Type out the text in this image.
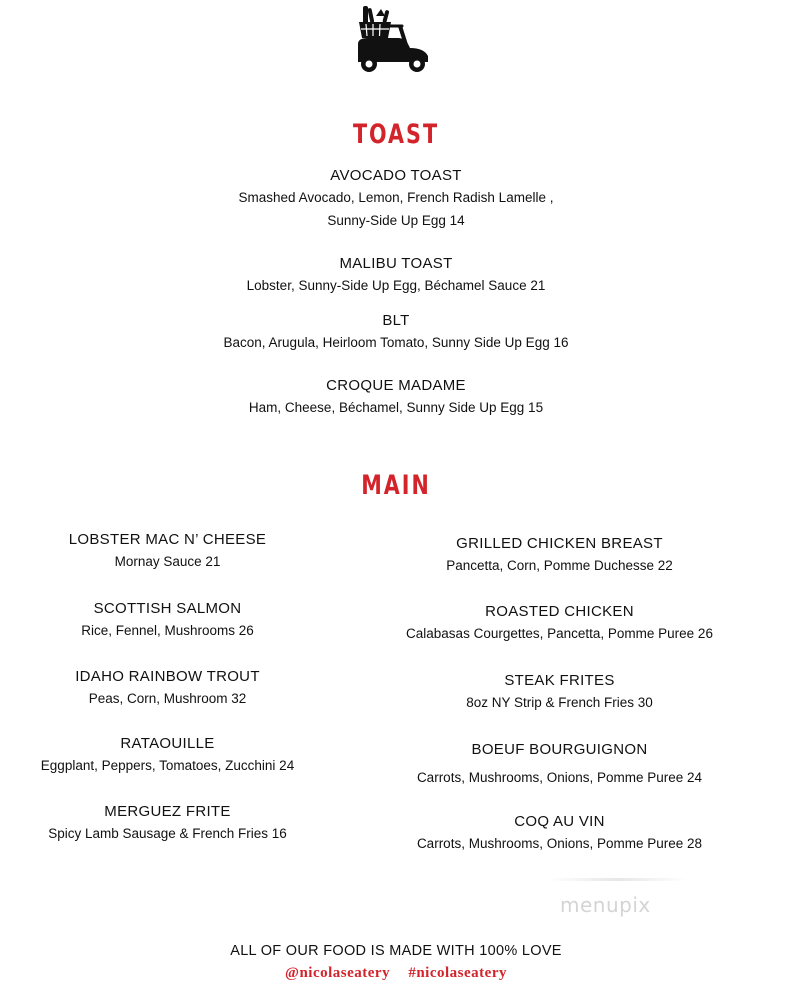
TOAST
AVOCADO TOAST
Smashed Avocado, Lemon, French Radish Lamelle ,
Sunny-Side Up Egg 14
MALIBU TOAST
Lobster, Sunny-Side Up Egg, Béchamel Sauce 21
BLT
Bacon, Arugula, Heirloom Tomato, Sunny Side Up Egg 16
CROQUE MADAME
Ham, Cheese, Béchamel, Sunny Side Up Egg 15
MAIN
LOBSTER MAC N’ CHEESE
Mornay Sauce 21
SCOTTISH SALMON
Rice, Fennel, Mushrooms 26
IDAHO RAINBOW TROUT
Peas, Corn, Mushroom 32
RATAOUILLE
Eggplant, Peppers, Tomatoes, Zucchini 24
MERGUEZ FRITE
Spicy Lamb Sausage & French Fries 16
GRILLED CHICKEN BREAST
Pancetta, Corn, Pomme Duchesse 22
ROASTED CHICKEN
Calabasas Courgettes, Pancetta, Pomme Puree 26
STEAK FRITES
8oz NY Strip & French Fries 30
BOEUF BOURGUIGNON
Carrots, Mushrooms, Onions, Pomme Puree 24
COQ AU VIN
Carrots, Mushrooms, Onions, Pomme Puree 28
menupix
ALL OF OUR FOOD IS MADE WITH 100% LOVE
@nicolaseatery #nicolaseatery
